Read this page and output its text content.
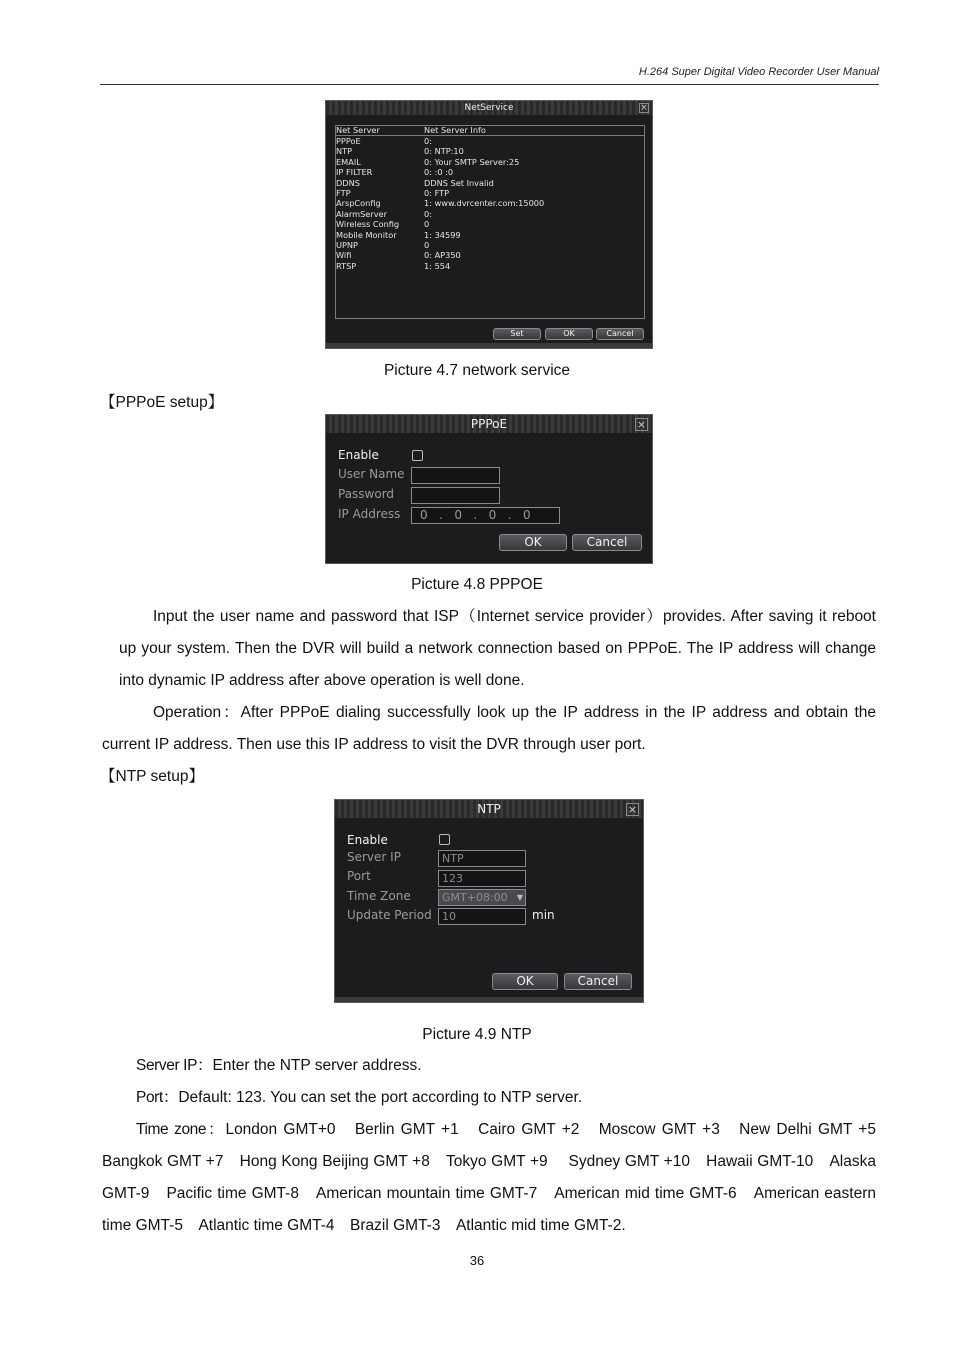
H.264 Super Digital Video Recorder User Manual
NetService	×
Net Server	Net Server Info
Set	OK	Cancel
PPPoE	0:
NTP	0: NTP:10
EMAIL	0: Your SMTP Server:25
IP FILTER	0: :0 :0
DDNS	DDNS Set Invalid
FTP	0: FTP
ArspConfig	1: www.dvrcenter.com:15000
AlarmServer	0:
Wireless Config	0
Mobile Monitor	1: 34599
UPNP	0
Wifi	0: AP350
RTSP	1: 554
Picture 4.7 network service
【PPPoE setup】
PPPoE	×
Enable
User Name
Password
IP Address	0   .   0   .   0   .   0
OK	Cancel
Picture 4.8 PPPOE
Input the user name and password that ISP（Internet service provider）provides. After saving it reboot up your system. Then the DVR will build a network connection based on PPPoE. The IP address will change into dynamic IP address after above operation is well done.
Operation：After PPPoE dialing successfully look up the IP address in the IP address and obtain the current IP address. Then use this IP address to visit the DVR through user port.
【NTP setup】
NTP	×
Enable
Server IP	NTP
Port	123
Time Zone	GMT+08:00 ▼
Update Period 10	min
OK	Cancel
Picture 4.9 NTP
Server IP：Enter the NTP server address.
Port：Default: 123. You can set the port according to NTP server.
Time zone：London GMT+0　Berlin GMT +1　Cairo GMT +2　Moscow GMT +3　New Delhi GMT +5　Bangkok GMT +7　Hong Kong Beijing GMT +8　Tokyo GMT +9　 Sydney GMT +10　Hawaii GMT-10　Alaska GMT-9　Pacific time GMT-8　American mountain time GMT-7　American mid time GMT-6　American eastern time GMT-5　Atlantic time GMT-4　Brazil GMT-3　Atlantic mid time GMT-2.
36
